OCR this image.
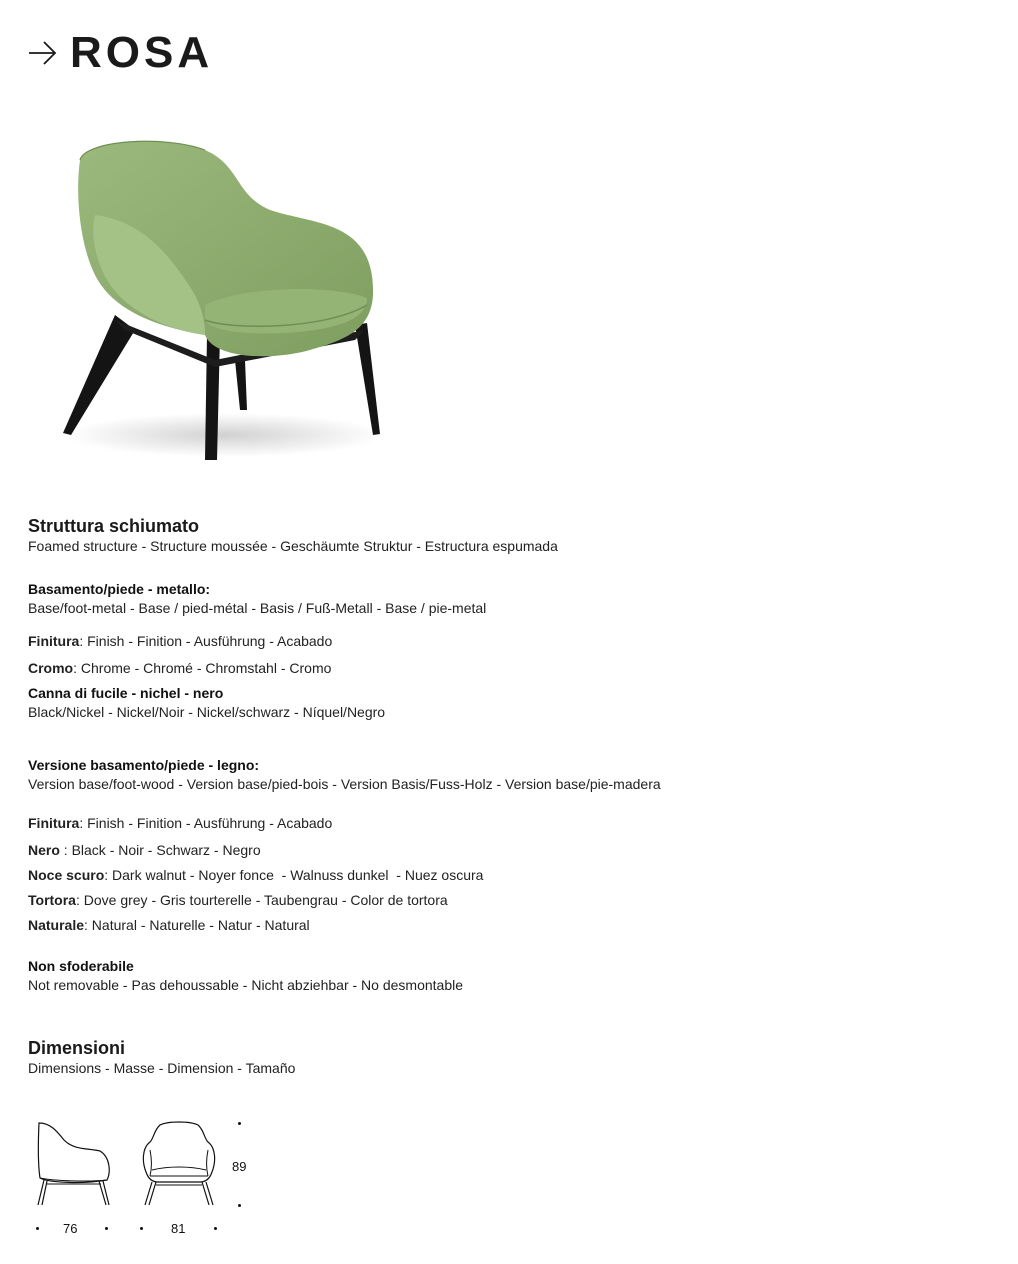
ROSA

Struttura schiumato

Foamed structure - Structure moussée - Geschäumte Struktur - Estructura espumada

Basamento/piede - metallo:

Base/foot-metal - Base / pied-métal - Basis / Fuß-Metall - Base / pie-metal

Finitura: Finish - Finition - Ausführung - Acabado
Cromo: Chrome - Chromé - Chromstahl - Cromo
Canna di fucile - nichel - nero
Black/Nickel - Nickel/Noir - Nickel/schwarz - Níquel/Negro
Versione basamento/piede - legno:

Version base/foot-wood - Version base/pied-bois - Version Basis/Fuss-Holz - Version base/pie-madera

Finitura: Finish - Finition - Ausführung - Acabado
Nero : Black - Noir - Schwarz - Negro
Noce scuro: Dark walnut - Noyer fonce  - Walnuss dunkel  - Nuez oscura
Tortora: Dove grey - Gris tourterelle - Taubengrau - Color de tortora
Naturale: Natural - Naturelle - Natur - Natural
Non sfoderabile

Not removable - Pas dehoussable - Nicht abziehbar - No desmontable

Dimensioni

Dimensions - Masse - Dimension - Tamaño

89
76	81
